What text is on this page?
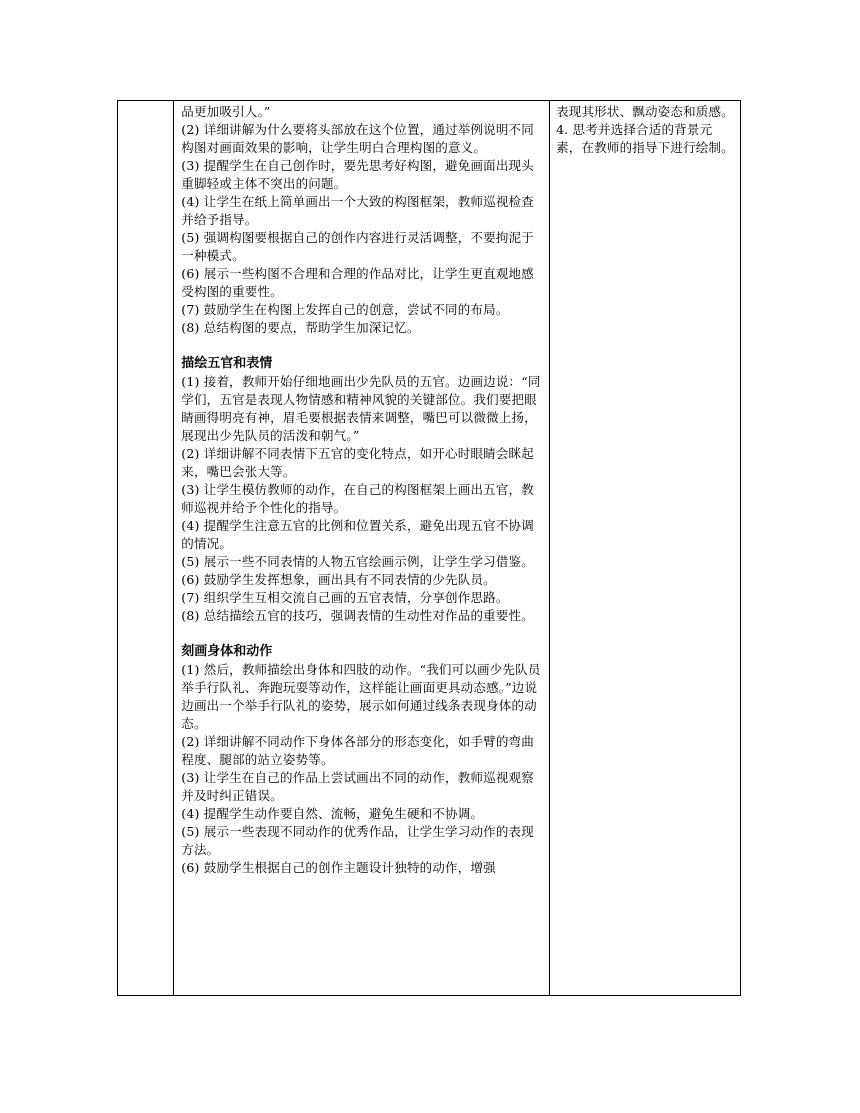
品更加吸引人。”

(2) 详细讲解为什么要将头部放在这个位置，通过举例说明不同构图对画面效果的影响，让学生明白合理构图的意义。

(3) 提醒学生在自己创作时，要先思考好构图，避免画面出现头重脚轻或主体不突出的问题。

(4) 让学生在纸上简单画出一个大致的构图框架，教师巡视检查并给予指导。

(5) 强调构图要根据自己的创作内容进行灵活调整，不要拘泥于一种模式。

(6) 展示一些构图不合理和合理的作品对比，让学生更直观地感受构图的重要性。

(7) 鼓励学生在构图上发挥自己的创意，尝试不同的布局。

(8) 总结构图的要点，帮助学生加深记忆。

描绘五官和表情

(1) 接着，教师开始仔细地画出少先队员的五官。边画边说：“同学们，五官是表现人物情感和精神风貌的关键部位。我们要把眼睛画得明亮有神，眉毛要根据表情来调整，嘴巴可以微微上扬，展现出少先队员的活泼和朝气。”

(2) 详细讲解不同表情下五官的变化特点，如开心时眼睛会眯起来，嘴巴会张大等。

(3) 让学生模仿教师的动作，在自己的构图框架上画出五官，教师巡视并给予个性化的指导。

(4) 提醒学生注意五官的比例和位置关系，避免出现五官不协调的情况。

(5) 展示一些不同表情的人物五官绘画示例，让学生学习借鉴。

(6) 鼓励学生发挥想象，画出具有不同表情的少先队员。

(7) 组织学生互相交流自己画的五官表情，分享创作思路。

(8) 总结描绘五官的技巧，强调表情的生动性对作品的重要性。

刻画身体和动作

(1) 然后，教师描绘出身体和四肢的动作。“我们可以画少先队员举手行队礼、奔跑玩耍等动作，这样能让画面更具动态感。”边说边画出一个举手行队礼的姿势，展示如何通过线条表现身体的动态。

(2) 详细讲解不同动作下身体各部分的形态变化，如手臂的弯曲程度、腿部的站立姿势等。

(3) 让学生在自己的作品上尝试画出不同的动作，教师巡视观察并及时纠正错误。

(4) 提醒学生动作要自然、流畅，避免生硬和不协调。

(5) 展示一些表现不同动作的优秀作品，让学生学习动作的表现方法。

(6) 鼓励学生根据自己的创作主题设计独特的动作，增强

表现其形状、飘动姿态和质感。

4. 思考并选择合适的背景元素，在教师的指导下进行绘制。
